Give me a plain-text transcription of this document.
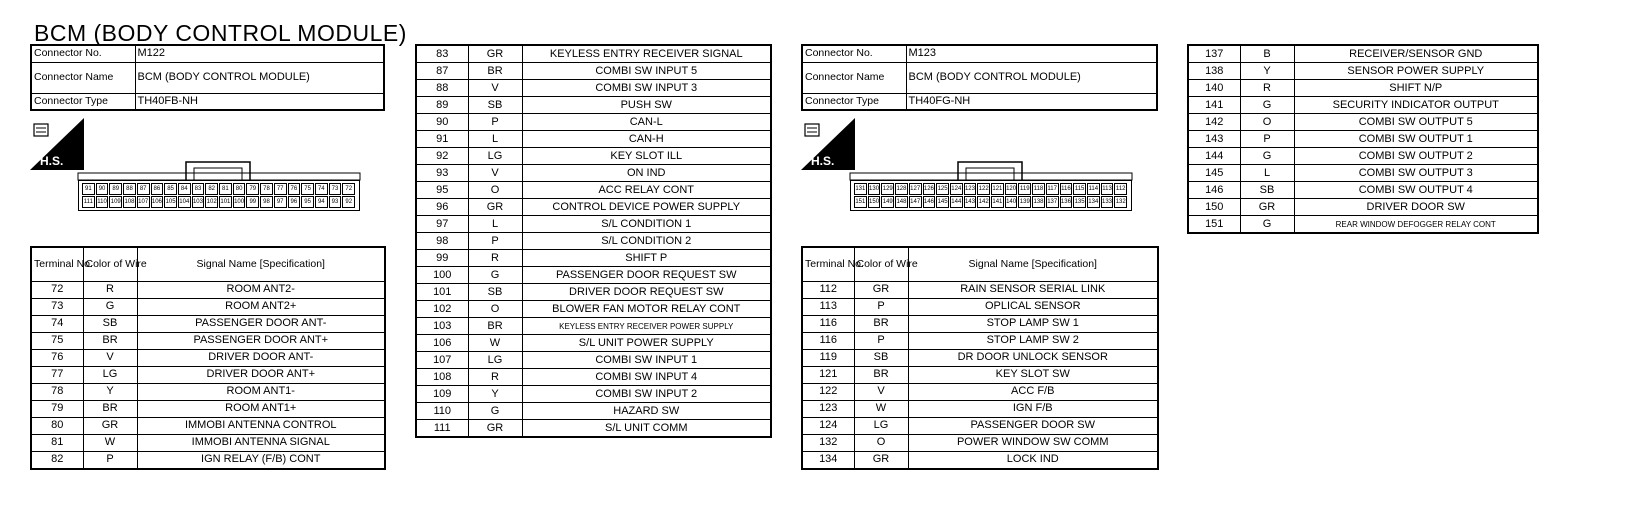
BCM (BODY CONTROL MODULE)
Connector No.	M122
Connector Name	BCM (BODY CONTROL MODULE)
Connector Type	TH40FB-NH
Connector No.	M123
Connector Name	BCM (BODY CONTROL MODULE)
Connector Type	TH40FG-NH
H.S.	H.S.
91	90	89	88	87	86	85	84	83	82	81	80	79	78	77	76	75	74	73	72
111 110 109 108 107 106 105 104 103 102 101 100 99	98	97	96	95	94	93	92
131 130 129 128 127 126 125 124 123 122 121 120 119 118 117 116 115 114 113 112
151 150 149 148 147 146 145 144 143 142 141 140 139 138 137 136 135 134 133 132
Terminal No.	Color of Wire	Signal Name [Specification]
72	R	ROOM ANT2-
73	G	ROOM ANT2+
74	SB	PASSENGER DOOR ANT-
75	BR	PASSENGER DOOR ANT+
76	V	DRIVER DOOR ANT-
77	LG	DRIVER DOOR ANT+
78	Y	ROOM ANT1-
79	BR	ROOM ANT1+
80	GR	IMMOBI ANTENNA CONTROL
81	W	IMMOBI ANTENNA SIGNAL
82	P	IGN RELAY (F/B) CONT
83	GR	KEYLESS ENTRY RECEIVER SIGNAL
87	BR	COMBI SW INPUT 5
88	V	COMBI SW INPUT 3
89	SB	PUSH SW
90	P	CAN-L
91	L	CAN-H
92	LG	KEY SLOT ILL
93	V	ON IND
95	O	ACC RELAY CONT
96	GR	CONTROL DEVICE POWER SUPPLY
97	L	S/L CONDITION 1
98	P	S/L CONDITION 2
99	R	SHIFT P
100	G	PASSENGER DOOR REQUEST SW
101	SB	DRIVER DOOR REQUEST SW
102	O	BLOWER FAN MOTOR RELAY CONT
103	BR	KEYLESS ENTRY RECEIVER POWER SUPPLY
106	W	S/L UNIT POWER SUPPLY
107	LG	COMBI SW INPUT 1
108	R	COMBI SW INPUT 4
109	Y	COMBI SW INPUT 2
110	G	HAZARD SW
111	GR	S/L UNIT COMM
Terminal No.	Color of Wire	Signal Name [Specification]
112	GR	RAIN SENSOR SERIAL LINK
113	P	OPLICAL SENSOR
116	BR	STOP LAMP SW 1
116	P	STOP LAMP SW 2
119	SB	DR DOOR UNLOCK SENSOR
121	BR	KEY SLOT SW
122	V	ACC F/B
123	W	IGN F/B
124	LG	PASSENGER DOOR SW
132	O	POWER WINDOW SW COMM
134	GR	LOCK IND
137	B	RECEIVER/SENSOR GND
138	Y	SENSOR POWER SUPPLY
140	R	SHIFT N/P
141	G	SECURITY INDICATOR OUTPUT
142	O	COMBI SW OUTPUT 5
143	P	COMBI SW OUTPUT 1
144	G	COMBI SW OUTPUT 2
145	L	COMBI SW OUTPUT 3
146	SB	COMBI SW OUTPUT 4
150	GR	DRIVER DOOR SW
151	G	REAR WINDOW DEFOGGER RELAY CONT
